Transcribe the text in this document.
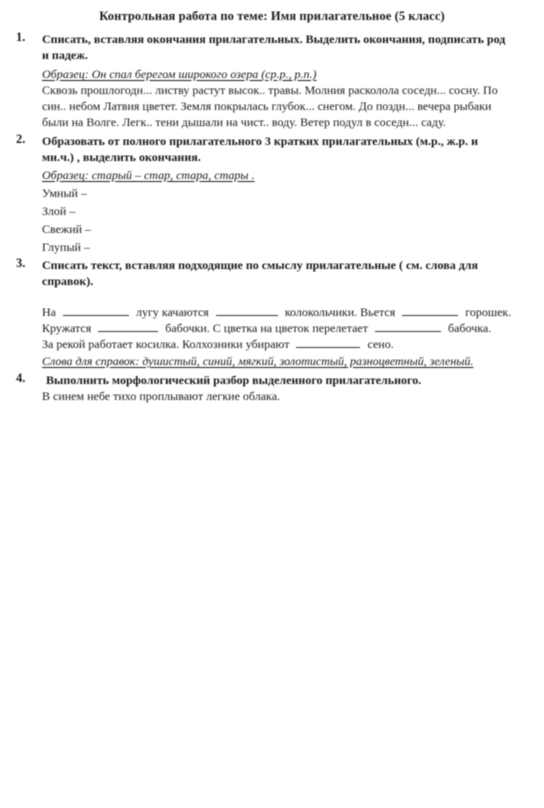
Контрольная работа по теме: Имя прилагательное (5 класс)
1. Списать, вставляя окончания прилагательных. Выделить окончания, подписать род
и падеж.
Образец: Он спал берегом широкого озера (ср.р., р.п.)
Сквозь прошлогодн... листву растут высок.. травы. Молния расколола соседн... сосну. По
син.. небом Латвия цветет. Земля покрылась глубок... снегом. До поздн... вечера рыбаки
были на Волге. Легк.. тени дышали на чист.. воду. Ветер подул в соседн... саду.
2. Образовать от полного прилагательного 3 кратких прилагательных (м.р., ж.р. и
мн.ч.) , выделить окончания.
Образец: старый – стар, стара, стары .
Умный –
Злой –
Свежий –
Глупый –
3. Списать текст, вставляя подходящие по смыслу прилагательные ( см. слова для
справок).
На	лугу качаются	колокольчики. Вьется	горошек.
Кружатся	бабочки. С цветка на цветок перелетает	бабочка.
За рекой работает косилка. Колхозники убирают	сено.
Слова для справок: душистый, синий, мягкий, золотистый, разноцветный, зеленый.
4. Выполнить морфологический разбор выделенного прилагательного.
В синем небе тихо проплывают легкие облака.
